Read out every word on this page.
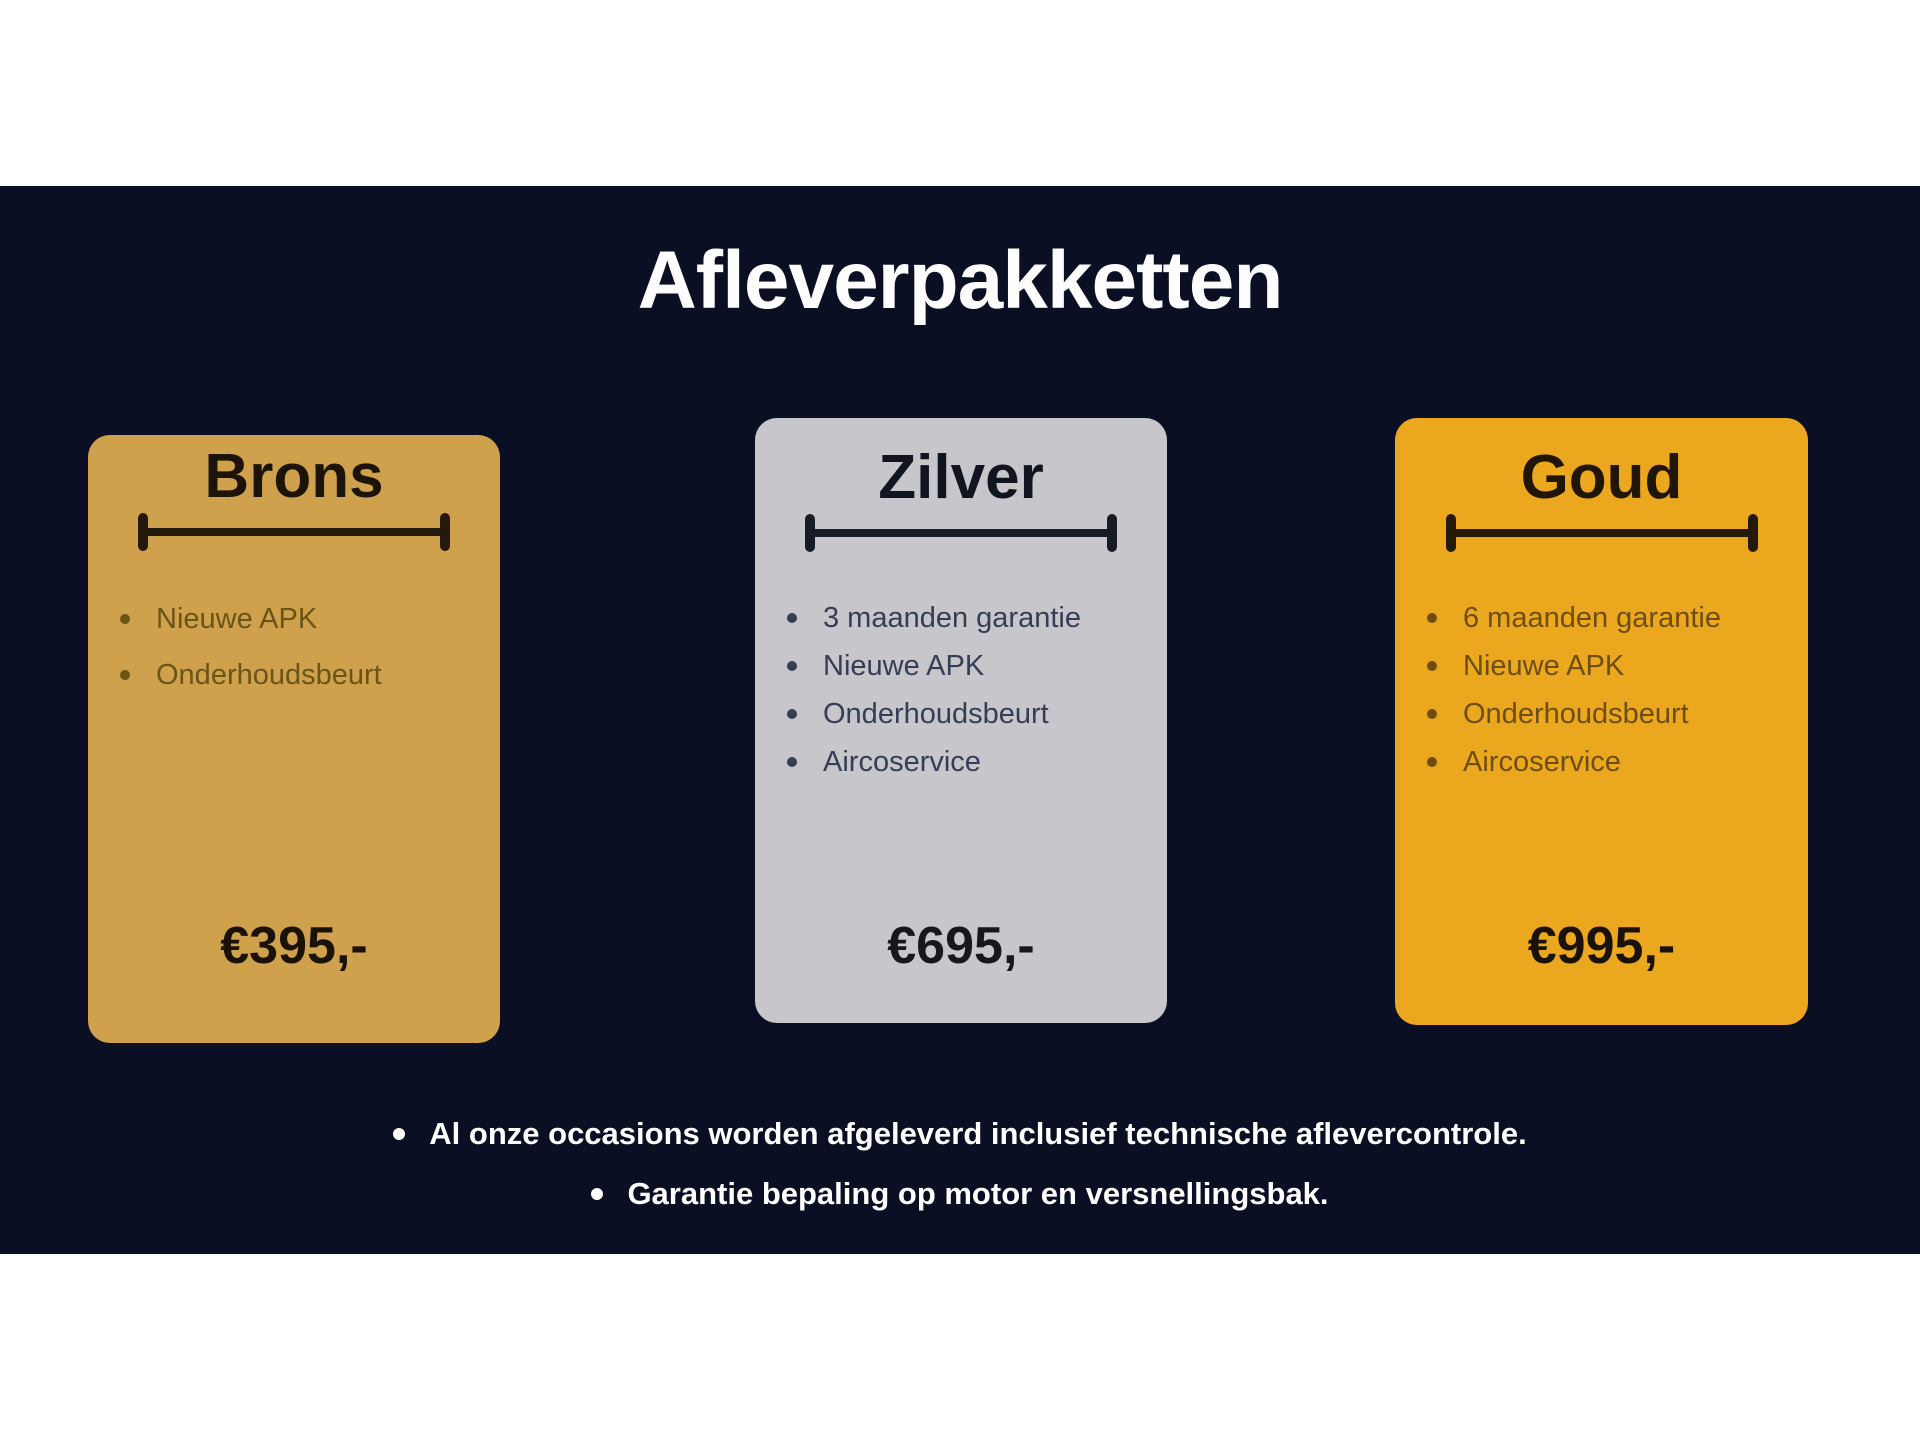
Afleverpakketten
Brons
Nieuwe APK
Onderhoudsbeurt

€395,-

Zilver
3 maanden garantie
Nieuwe APK
Onderhoudsbeurt
Aircoservice

€695,-

Goud
6 maanden garantie
Nieuwe APK
Onderhoudsbeurt
Aircoservice

€995,-

Al onze occasions worden afgeleverd inclusief technische aflevercontrole.
Garantie bepaling op motor en versnellingsbak.
